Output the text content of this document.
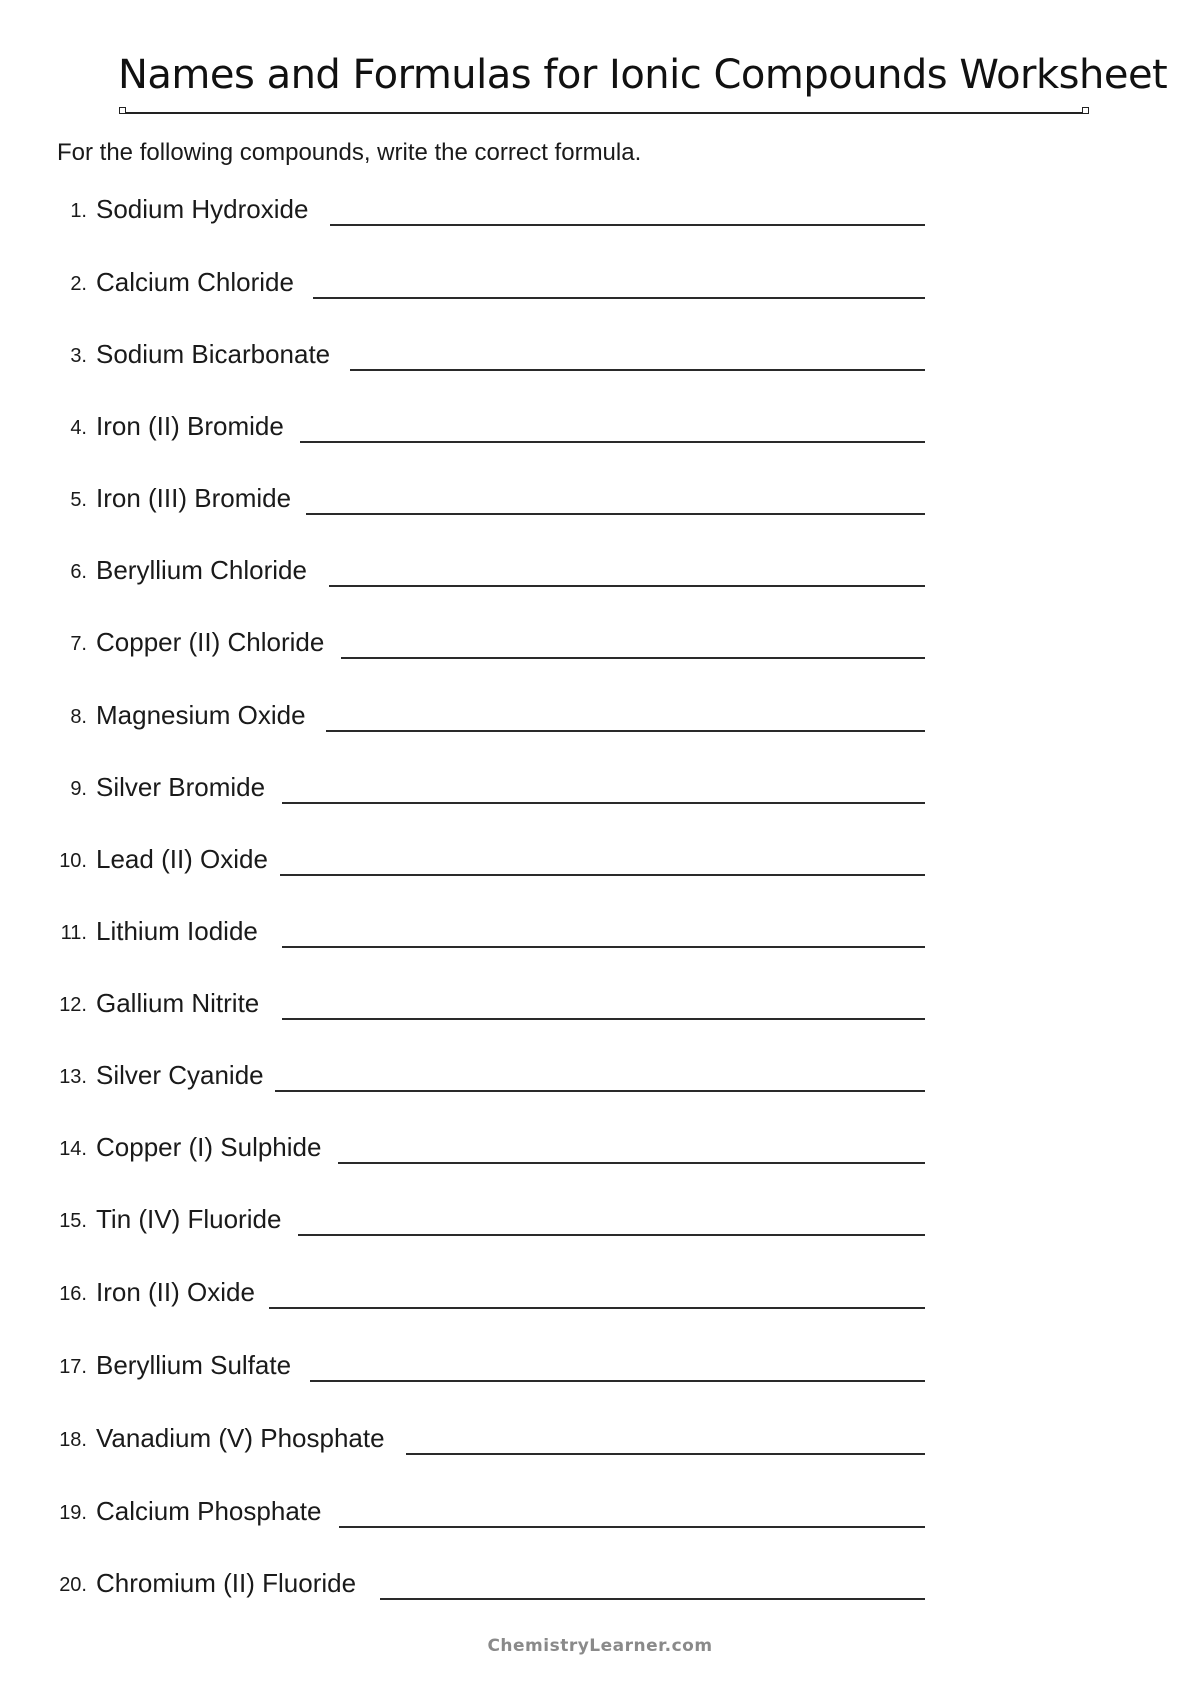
Names and Formulas for Ionic Compounds Worksheet
For the following compounds, write the correct formula.
1. Sodium Hydroxide
2. Calcium Chloride
3. Sodium Bicarbonate
4. Iron (II) Bromide
5. Iron (III) Bromide
6. Beryllium Chloride
7. Copper (II) Chloride
8. Magnesium Oxide
9. Silver Bromide
10. Lead (II) Oxide
11. Lithium Iodide
12. Gallium Nitrite
13. Silver Cyanide
14. Copper (I) Sulphide
15. Tin (IV) Fluoride
16. Iron (II) Oxide
17. Beryllium Sulfate
18. Vanadium (V) Phosphate
19. Calcium Phosphate
20. Chromium (II) Fluoride
ChemistryLearner.com
